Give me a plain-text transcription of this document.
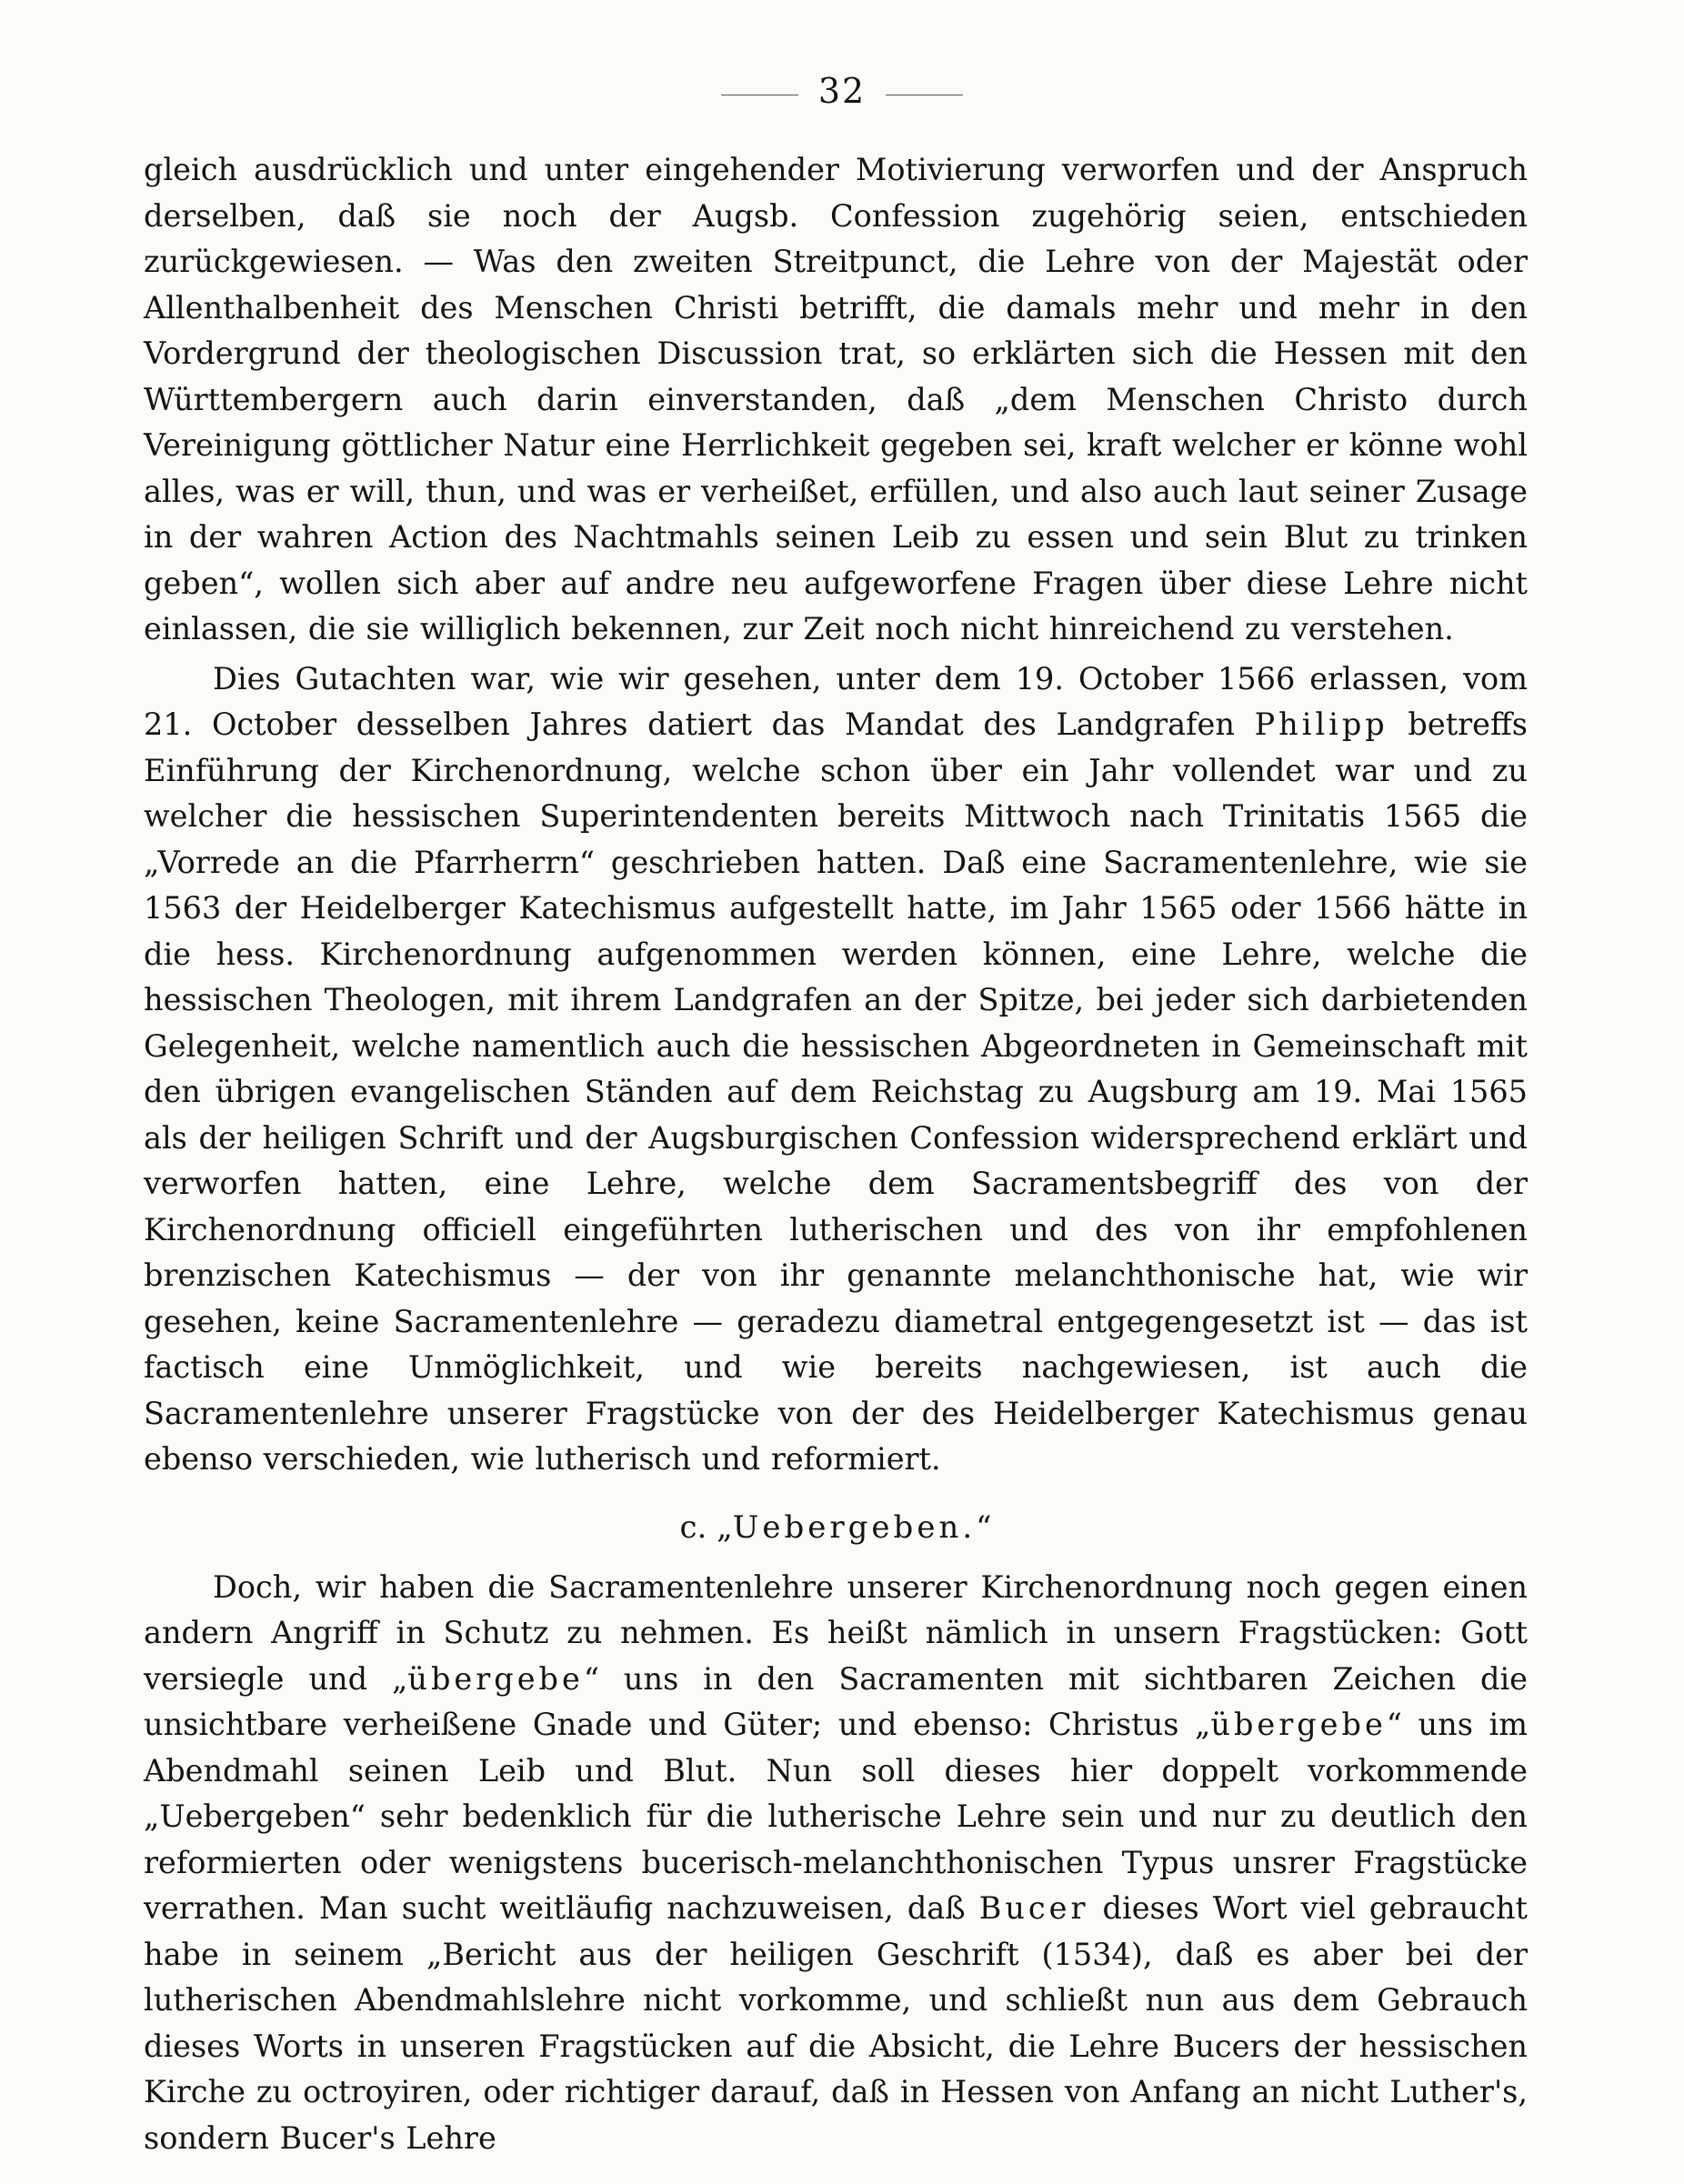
32

gleich ausdrücklich und unter eingehender Motivierung verworfen und der Anspruch derselben, daß sie noch der Augsb. Confession zugehörig seien, entschieden zurückgewiesen. — Was den zweiten Streitpunct, die Lehre von der Majestät oder Allenthalbenheit des Menschen Christi betrifft, die damals mehr und mehr in den Vordergrund der theologischen Discussion trat, so erklärten sich die Hessen mit den Württembergern auch darin einverstanden, daß „dem Menschen Christo durch Vereinigung göttlicher Natur eine Herrlichkeit gegeben sei, kraft welcher er könne wohl alles, was er will, thun, und was er verheißet, erfüllen, und also auch laut seiner Zusage in der wahren Action des Nachtmahls seinen Leib zu essen und sein Blut zu trinken geben“, wollen sich aber auf andre neu aufgeworfene Fragen über diese Lehre nicht einlassen, die sie williglich bekennen, zur Zeit noch nicht hinreichend zu verstehen.

Dies Gutachten war, wie wir gesehen, unter dem 19. October 1566 erlassen, vom 21. October desselben Jahres datiert das Mandat des Landgrafen Philipp betreffs Einführung der Kirchenordnung, welche schon über ein Jahr vollendet war und zu welcher die hessischen Superintendenten bereits Mittwoch nach Trinitatis 1565 die „Vorrede an die Pfarrherrn“ geschrieben hatten. Daß eine Sacramentenlehre, wie sie 1563 der Heidelberger Katechismus aufgestellt hatte, im Jahr 1565 oder 1566 hätte in die hess. Kirchenordnung aufgenommen werden können, eine Lehre, welche die hessischen Theologen, mit ihrem Landgrafen an der Spitze, bei jeder sich darbietenden Gelegenheit, welche namentlich auch die hessischen Abgeordneten in Gemeinschaft mit den übrigen evangelischen Ständen auf dem Reichstag zu Augsburg am 19. Mai 1565 als der heiligen Schrift und der Augsburgischen Confession widersprechend erklärt und verworfen hatten, eine Lehre, welche dem Sacramentsbegriff des von der Kirchenordnung officiell eingeführten lutherischen und des von ihr empfohlenen brenzischen Katechismus — der von ihr genannte melanchthonische hat, wie wir gesehen, keine Sacramentenlehre — geradezu diametral entgegengesetzt ist — das ist factisch eine Unmöglichkeit, und wie bereits nachgewiesen, ist auch die Sacramentenlehre unserer Fragstücke von der des Heidelberger Katechismus genau ebenso verschieden, wie lutherisch und reformiert.

c. „Uebergeben.“

Doch, wir haben die Sacramentenlehre unserer Kirchenordnung noch gegen einen andern Angriff in Schutz zu nehmen. Es heißt nämlich in unsern Fragstücken: Gott versiegle und „übergebe“ uns in den Sacramenten mit sichtbaren Zeichen die unsichtbare verheißene Gnade und Güter; und ebenso: Christus „übergebe“ uns im Abendmahl seinen Leib und Blut. Nun soll dieses hier doppelt vorkommende „Uebergeben“ sehr bedenklich für die lutherische Lehre sein und nur zu deutlich den reformierten oder wenigstens bucerisch-melanchthonischen Typus unsrer Fragstücke verrathen. Man sucht weitläufig nachzuweisen, daß Bucer dieses Wort viel gebraucht habe in seinem „Bericht aus der heiligen Geschrift (1534), daß es aber bei der lutherischen Abendmahlslehre nicht vorkomme, und schließt nun aus dem Gebrauch dieses Worts in unseren Fragstücken auf die Absicht, die Lehre Bucers der hessischen Kirche zu octroyiren, oder richtiger darauf, daß in Hessen von Anfang an nicht Luther's, sondern Bucer's Lehre
